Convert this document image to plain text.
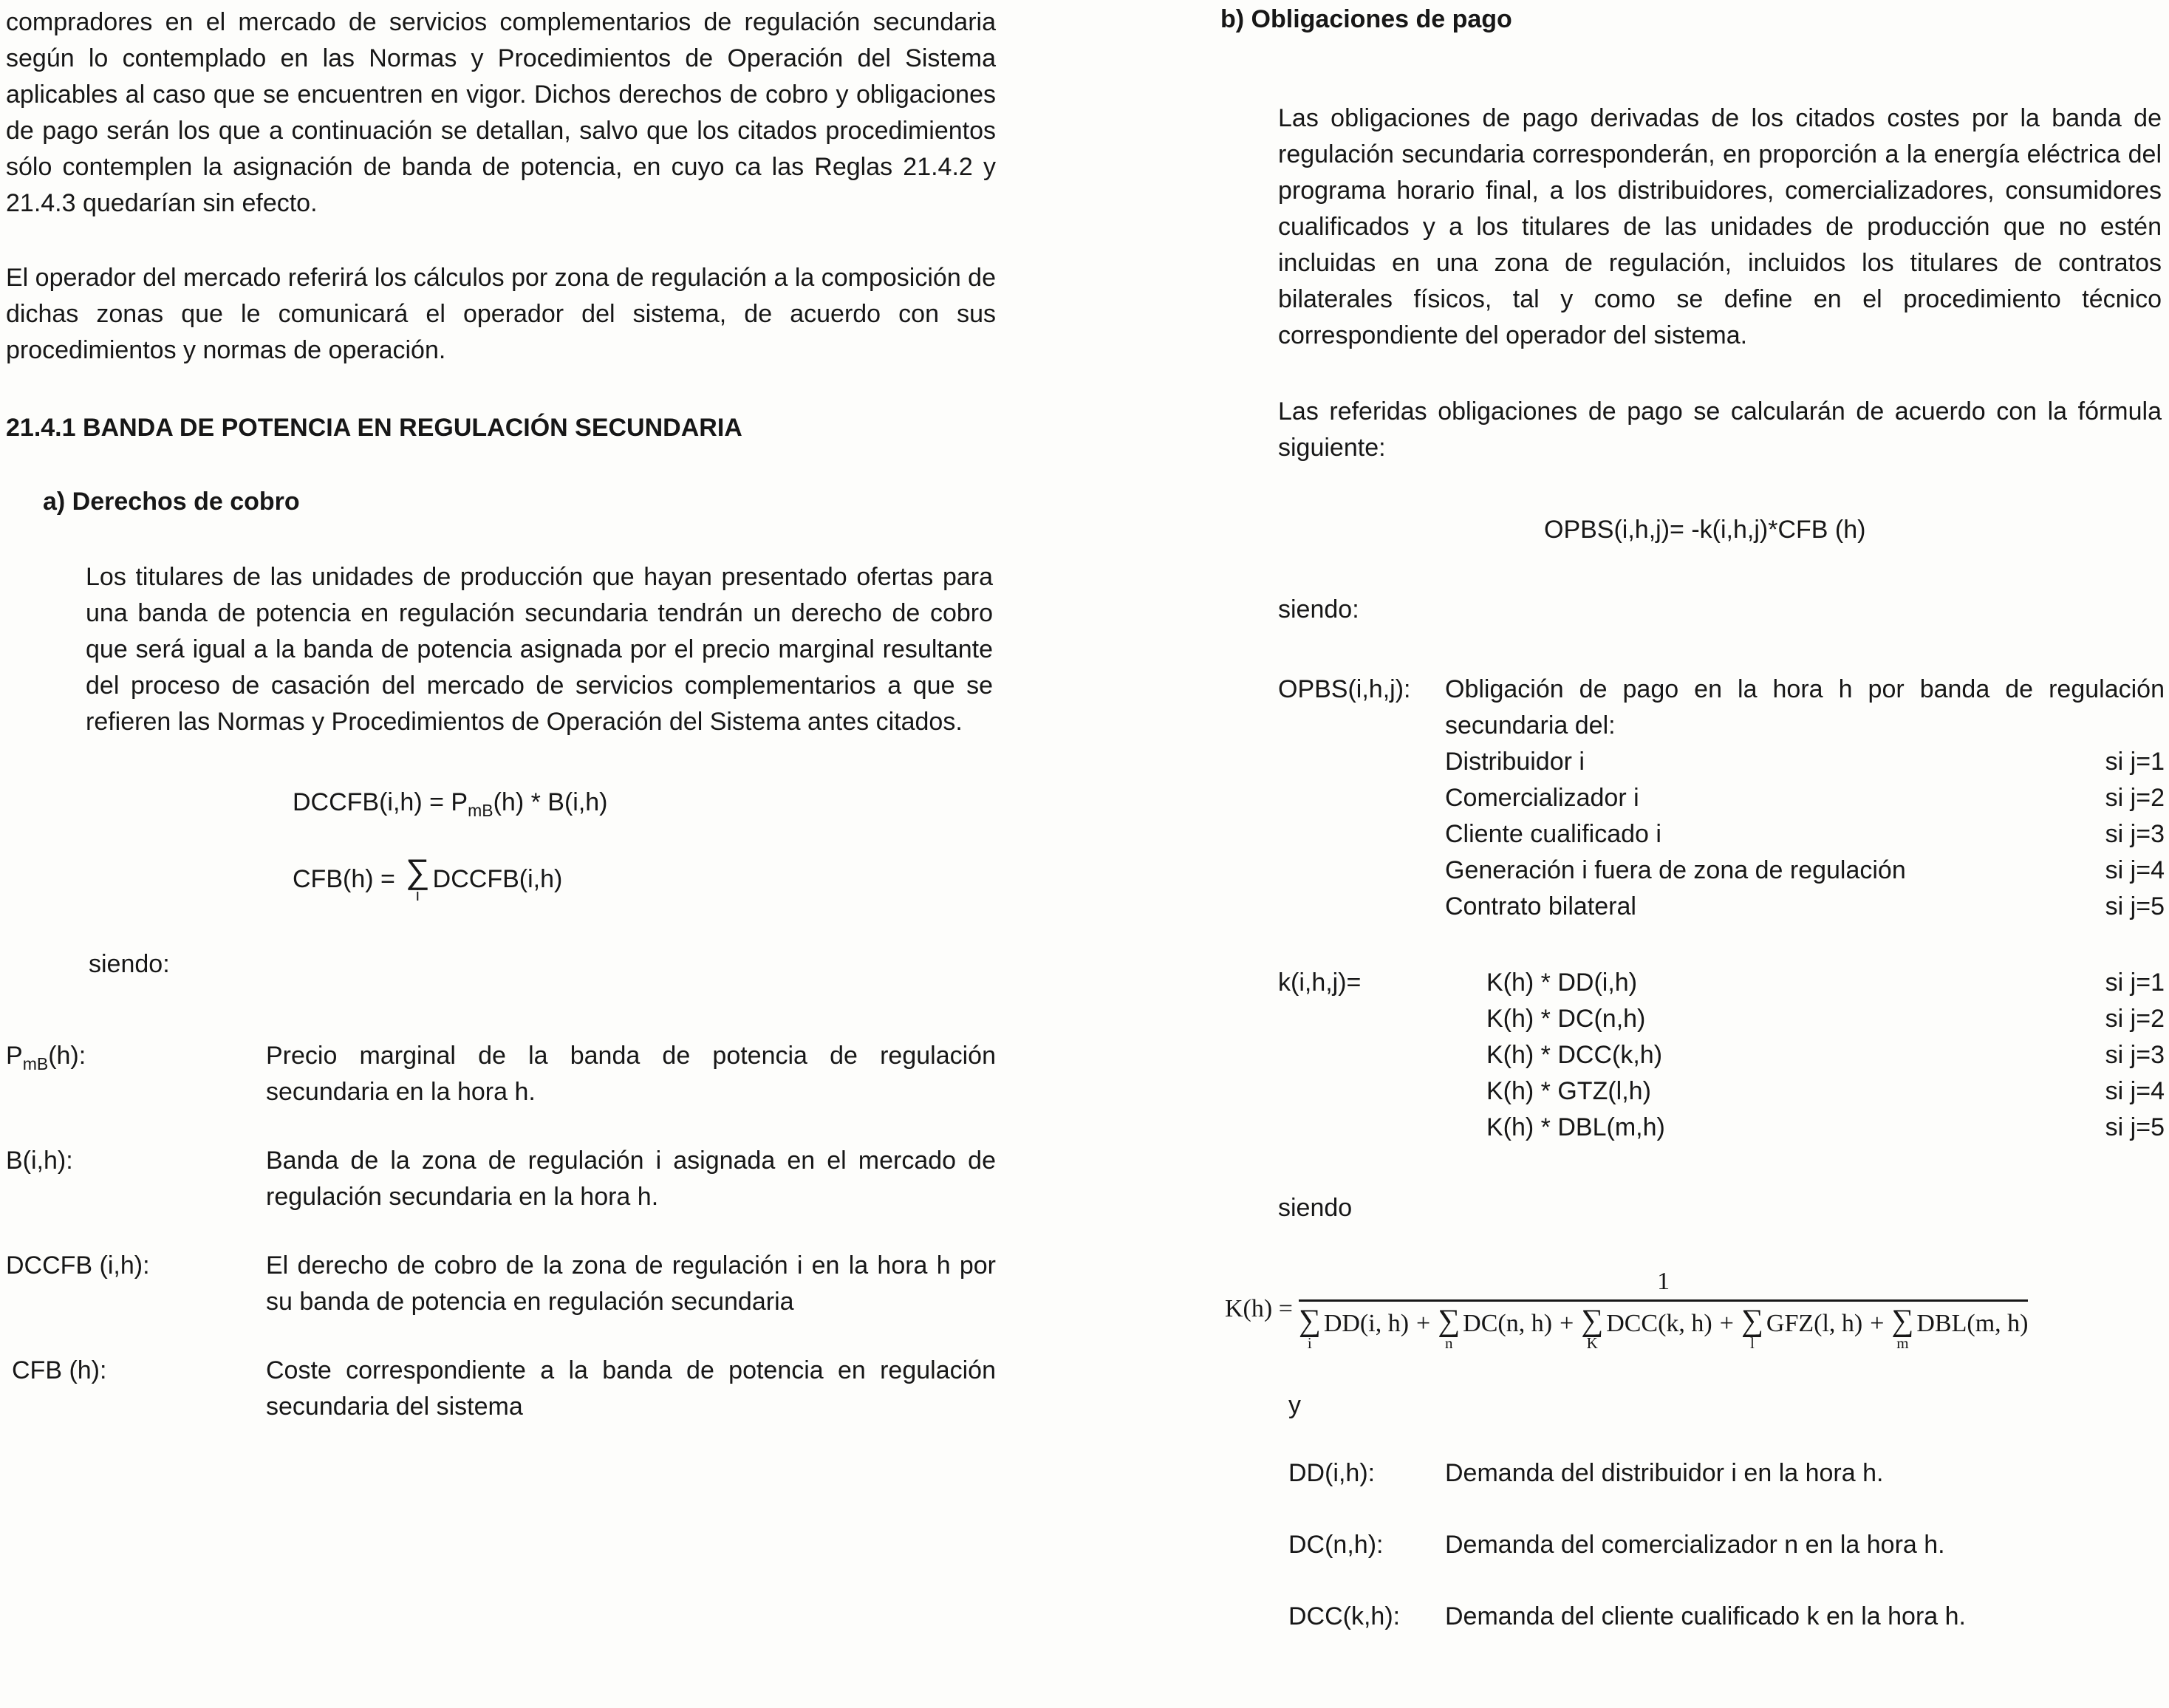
compradores en el mercado de servicios complementarios de regulación secundaria según lo contemplado en las Normas y Procedimientos de Operación del Sistema aplicables al caso que se encuentren en vigor. Dichos derechos de cobro y obligaciones de pago serán los que a continuación se detallan, salvo que los citados procedimientos sólo contemplen la asignación de banda de potencia, en cuyo ca las Reglas 21.4.2 y 21.4.3 quedarían sin efecto.

El operador del mercado referirá los cálculos por zona de regulación a la composición de dichas zonas que le comunicará el operador del sistema, de acuerdo con sus procedimientos y normas de operación.

21.4.1 BANDA DE POTENCIA EN REGULACIÓN SECUNDARIA
a) Derechos de cobro

Los titulares de las unidades de producción que hayan presentado ofertas para una banda de potencia en regulación secundaria tendrán un derecho de cobro que será igual a la banda de potencia asignada por el precio marginal resultante del proceso de casación del mercado de servicios complementarios a que se refieren las Normas y Procedimientos de Operación del Sistema antes citados.

DCCFB(i,h) = $P_{mB}(h) * B(i,h)$
CFB(h) = ∑
i
DCCFB(i,h)

siendo:

$P_{mB}(h)$:	Precio marginal de la banda de potencia de regulación secundaria en la hora h.
B(i,h):	Banda de la zona de regulación i asignada en el mercado de regulación secundaria en la hora h.
DCCFB (i,h):	El derecho de cobro de la zona de regulación i en la hora h por su banda de potencia en regulación secundaria
CFB (h):	Coste correspondiente a la banda de potencia en regulación secundaria del sistema
b) Obligaciones de pago

Las obligaciones de pago derivadas de los citados costes por la banda de regulación secundaria corresponderán, en proporción a la energía eléctrica del programa horario final, a los distribuidores, comercializadores, consumidores cualificados y a los titulares de las unidades de producción que no estén incluidas en una zona de regulación, incluidos los titulares de contratos bilaterales físicos, tal y como se define en el procedimiento técnico correspondiente del operador del sistema.

Las referidas obligaciones de pago se calcularán de acuerdo con la fórmula siguiente:

OPBS(i,h,j)= -k(i,h,j)*CFB (h)

siendo:

OPBS(i,h,j):	Obligación de pago en la hora h por banda de regulación secundaria del:

Distribuidor i	si j=1
Comercializador i	si j=2
Cliente cualificado i	si j=3
Generación i fuera de zona de regulación	si j=4
Contrato bilateral	si j=5
k(i,h,j)=	K(h) * DD(i,h)	si j=1
K(h) * DC(n,h)	si j=2
K(h) * DCC(k,h)	si j=3
K(h) * GTZ(l,h)	si j=4
K(h) * DBL(m,h)	si j=5

siendo

K(h) =
1
∑
i
DD(i, h) + ∑
n
DC(n, h) + ∑
K
DCC(k, h) + ∑
l
GFZ(l, h) + ∑
m
DBL(m, h)

y

DD(i,h):	Demanda del distribuidor i en la hora h.
DC(n,h):	Demanda del comercializador n en la hora h.
DCC(k,h):	Demanda del cliente cualificado k en la hora h.
